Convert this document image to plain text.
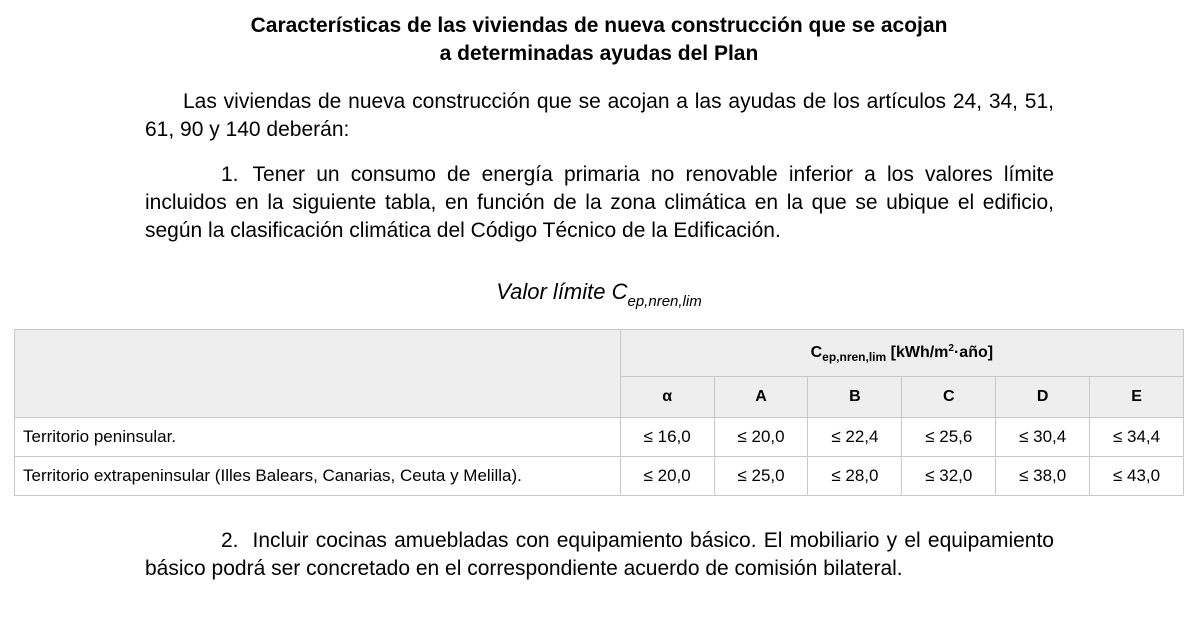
Características de las viviendas de nueva construcción que se acojan
a determinadas ayudas del Plan

Las viviendas de nueva construcción que se acojan a las ayudas de los artículos 24, 34, 51, 61, 90 y 140 deberán:

1. Tener un consumo de energía primaria no renovable inferior a los valores límite incluidos en la siguiente tabla, en función de la zona climática en la que se ubique el edificio, según la clasificación climática del Código Técnico de la Edificación.

Valor límite $C_{ep,nren,lim}$
	$C_{ep,nren,lim}$ $[kWh/m^2\cdot año]$					
	α	A	B	C	D	E
Territorio peninsular.	≤ 16,0	≤ 20,0	≤ 22,4	≤ 25,6	≤ 30,4	≤ 34,4
Territorio extrapeninsular (Illes Balears, Canarias, Ceuta y Melilla).	≤ 20,0	≤ 25,0	≤ 28,0	≤ 32,0	≤ 38,0	≤ 43,0

2. Incluir cocinas amuebladas con equipamiento básico. El mobiliario y el equipamiento básico podrá ser concretado en el correspondiente acuerdo de comisión bilateral.
